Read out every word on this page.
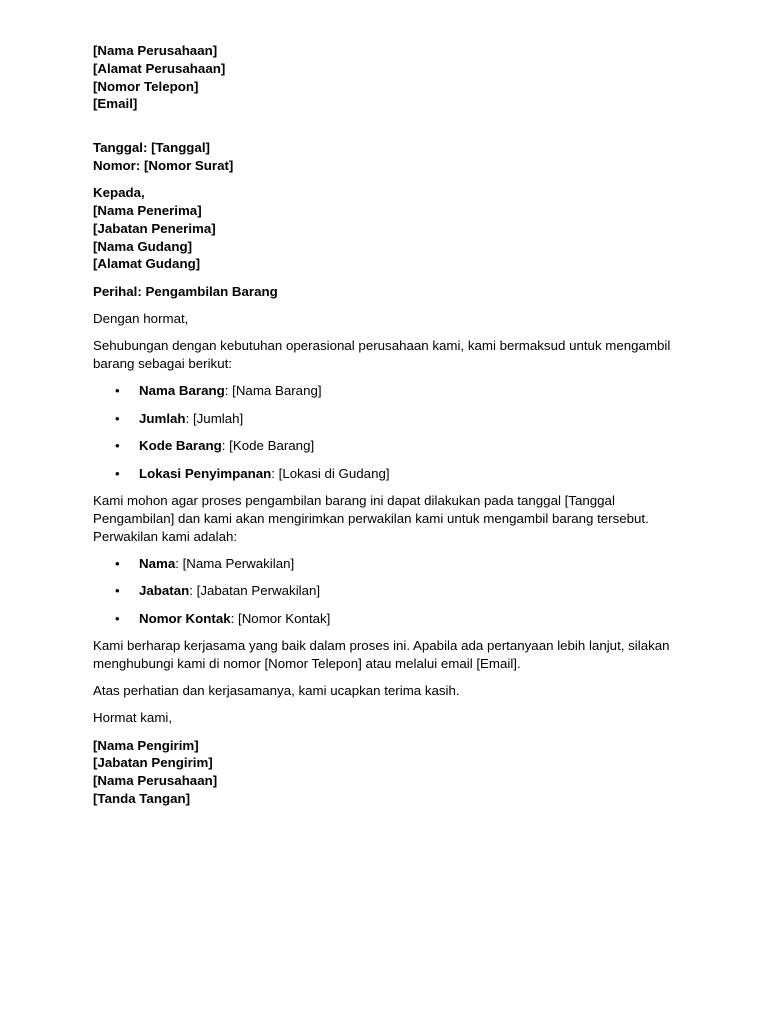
[Nama Perusahaan]
[Alamat Perusahaan]
[Nomor Telepon]
[Email]
Tanggal: [Tanggal]
Nomor: [Nomor Surat]
Kepada,
[Nama Penerima]
[Jabatan Penerima]
[Nama Gudang]
[Alamat Gudang]

Perihal: Pengambilan Barang

Dengan hormat,

Sehubungan dengan kebutuhan operasional perusahaan kami, kami bermaksud untuk mengambil barang sebagai berikut:

• Nama Barang: [Nama Barang]
• Jumlah: [Jumlah]
• Kode Barang: [Kode Barang]
• Lokasi Penyimpanan: [Lokasi di Gudang]

Kami mohon agar proses pengambilan barang ini dapat dilakukan pada tanggal [Tanggal Pengambilan] dan kami akan mengirimkan perwakilan kami untuk mengambil barang tersebut. Perwakilan kami adalah:

• Nama: [Nama Perwakilan]
• Jabatan: [Jabatan Perwakilan]
• Nomor Kontak: [Nomor Kontak]

Kami berharap kerjasama yang baik dalam proses ini. Apabila ada pertanyaan lebih lanjut, silakan menghubungi kami di nomor [Nomor Telepon] atau melalui email [Email].

Atas perhatian dan kerjasamanya, kami ucapkan terima kasih.

Hormat kami,

[Nama Pengirim]
[Jabatan Pengirim]
[Nama Perusahaan]
[Tanda Tangan]
